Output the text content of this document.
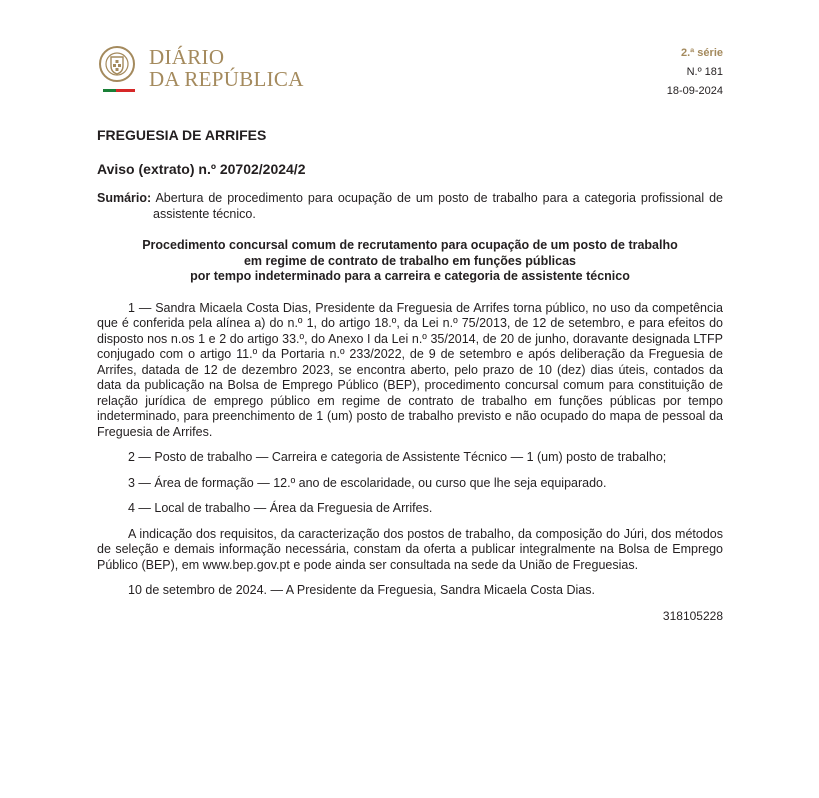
DIÁRIO
DA REPÚBLICA
2.ª série
N.º 181
18-09-2024
FREGUESIA DE ARRIFES
Aviso (extrato) n.º 20702/2024/2
Sumário: Abertura de procedimento para ocupação de um posto de trabalho para a categoria profissional de assistente técnico.
Procedimento concursal comum de recrutamento para ocupação de um posto de trabalho
em regime de contrato de trabalho em funções públicas
por tempo indeterminado para a carreira e categoria de assistente técnico

1 — Sandra Micaela Costa Dias, Presidente da Freguesia de Arrifes torna público, no uso da competência que é conferida pela alínea a) do n.º 1, do artigo 18.º, da Lei n.º 75/2013, de 12 de setembro, e para efeitos do disposto nos n.os 1 e 2 do artigo 33.º, do Anexo I da Lei n.º 35/2014, de 20 de junho, doravante designada LTFP conjugado com o artigo 11.º da Portaria n.º 233/2022, de 9 de setembro e após deliberação da Freguesia de Arrifes, datada de 12 de dezembro 2023, se encontra aberto, pelo prazo de 10 (dez) dias úteis, contados da data da publicação na Bolsa de Emprego Público (BEP), procedimento concursal comum para constituição de relação jurídica de emprego público em regime de contrato de trabalho em funções públicas por tempo indeterminado, para preenchimento de 1 (um) posto de trabalho previsto e não ocupado do mapa de pessoal da Freguesia de Arrifes.

2 — Posto de trabalho — Carreira e categoria de Assistente Técnico — 1 (um) posto de trabalho;

3 — Área de formação — 12.º ano de escolaridade, ou curso que lhe seja equiparado.

4 — Local de trabalho — Área da Freguesia de Arrifes.

A indicação dos requisitos, da caracterização dos postos de trabalho, da composição do Júri, dos métodos de seleção e demais informação necessária, constam da oferta a publicar integralmente na Bolsa de Emprego Público (BEP), em www.bep.gov.pt e pode ainda ser consultada na sede da União de Freguesias.

10 de setembro de 2024. — A Presidente da Freguesia, Sandra Micaela Costa Dias.

318105228
